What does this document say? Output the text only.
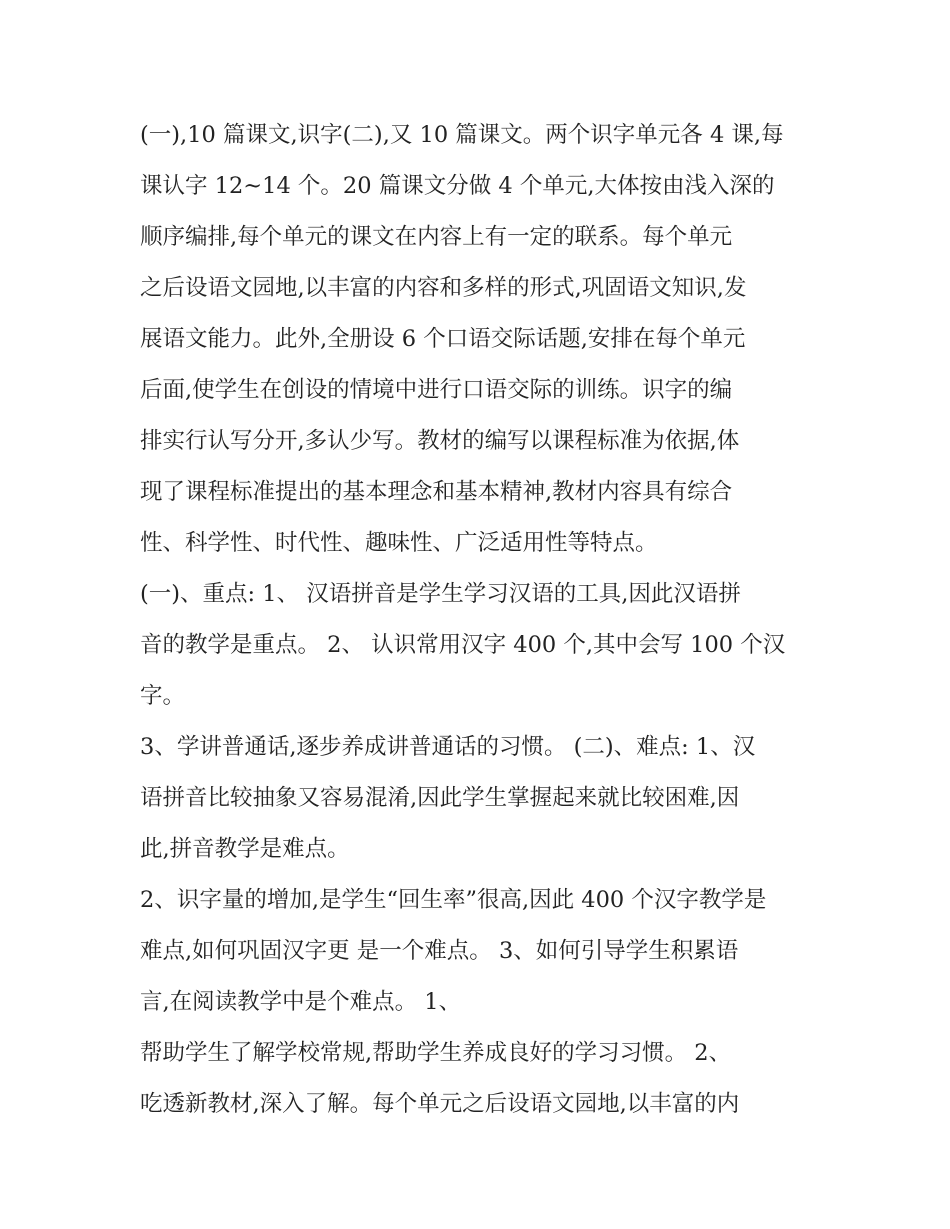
(一),10 篇课文,识字(二),又 10 篇课文。两个识字单元各 4 课,每
课认字 12~14 个。20 篇课文分做 4 个单元,大体按由浅入深的
顺序编排,每个单元的课文在内容上有一定的联系。每个单元
之后设语文园地,以丰富的内容和多样的形式,巩固语文知识,发
展语文能力。此外,全册设 6 个口语交际话题,安排在每个单元
后面,使学生在创设的情境中进行口语交际的训练。识字的编
排实行认写分开,多认少写。教材的编写以课程标准为依据,体
现了课程标准提出的基本理念和基本精神,教材内容具有综合
性、科学性、时代性、趣味性、广泛适用性等特点。
(一)、重点: 1、 汉语拼音是学生学习汉语的工具,因此汉语拼
音的教学是重点。 2、 认识常用汉字 400 个,其中会写 100 个汉
字。
3、学讲普通话,逐步养成讲普通话的习惯。 (二)、难点: 1、汉
语拼音比较抽象又容易混淆,因此学生掌握起来就比较困难,因
此,拼音教学是难点。
2、识字量的增加,是学生“回生率”很高,因此 400 个汉字教学是
难点,如何巩固汉字更 是一个难点。 3、如何引导学生积累语
言,在阅读教学中是个难点。 1、
帮助学生了解学校常规,帮助学生养成良好的学习习惯。 2、
吃透新教材,深入了解。每个单元之后设语文园地,以丰富的内
